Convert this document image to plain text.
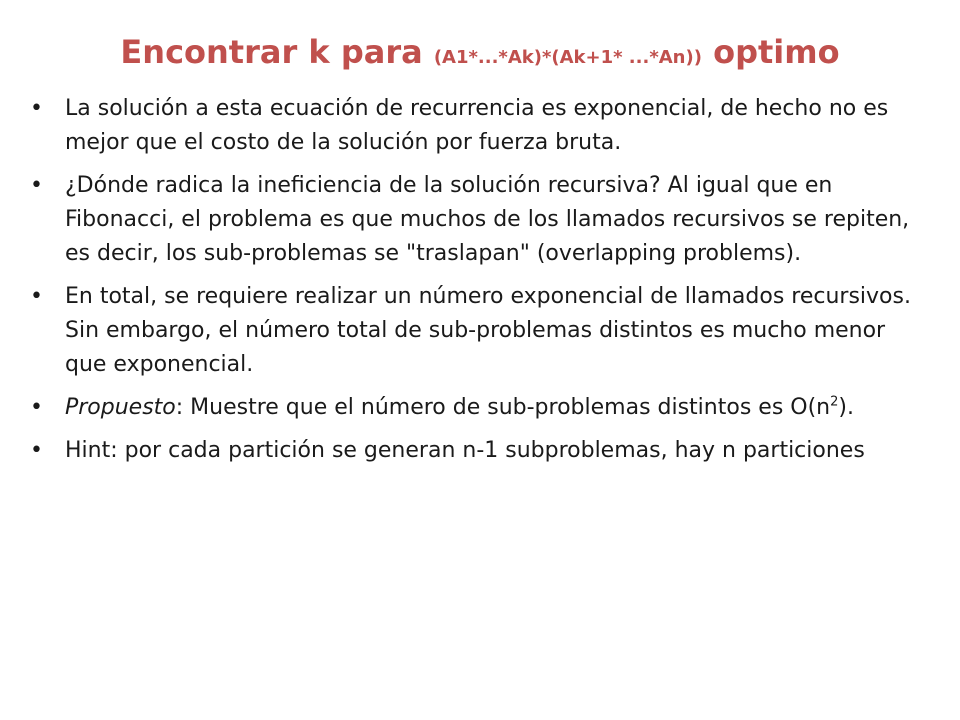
Encontrar k para (A1*...*Ak)*(Ak+1* ...*An)) optimo
•	La solución a esta ecuación de recurrencia es exponencial, de hecho no es mejor que el costo de la solución por fuerza bruta.
•	¿Dónde radica la ineficiencia de la solución recursiva? Al igual que en Fibonacci, el problema es que muchos de los llamados recursivos se repiten, es decir, los sub-problemas se "traslapan" (overlapping problems).
•	En total, se requiere realizar un número exponencial de llamados recursivos. Sin embargo, el número total de sub-problemas distintos es mucho menor que exponencial.
•	Propuesto: Muestre que el número de sub-problemas distintos es $O(n^2)$.
•	Hint: por cada partición se generan n-1 subproblemas, hay n particiones
